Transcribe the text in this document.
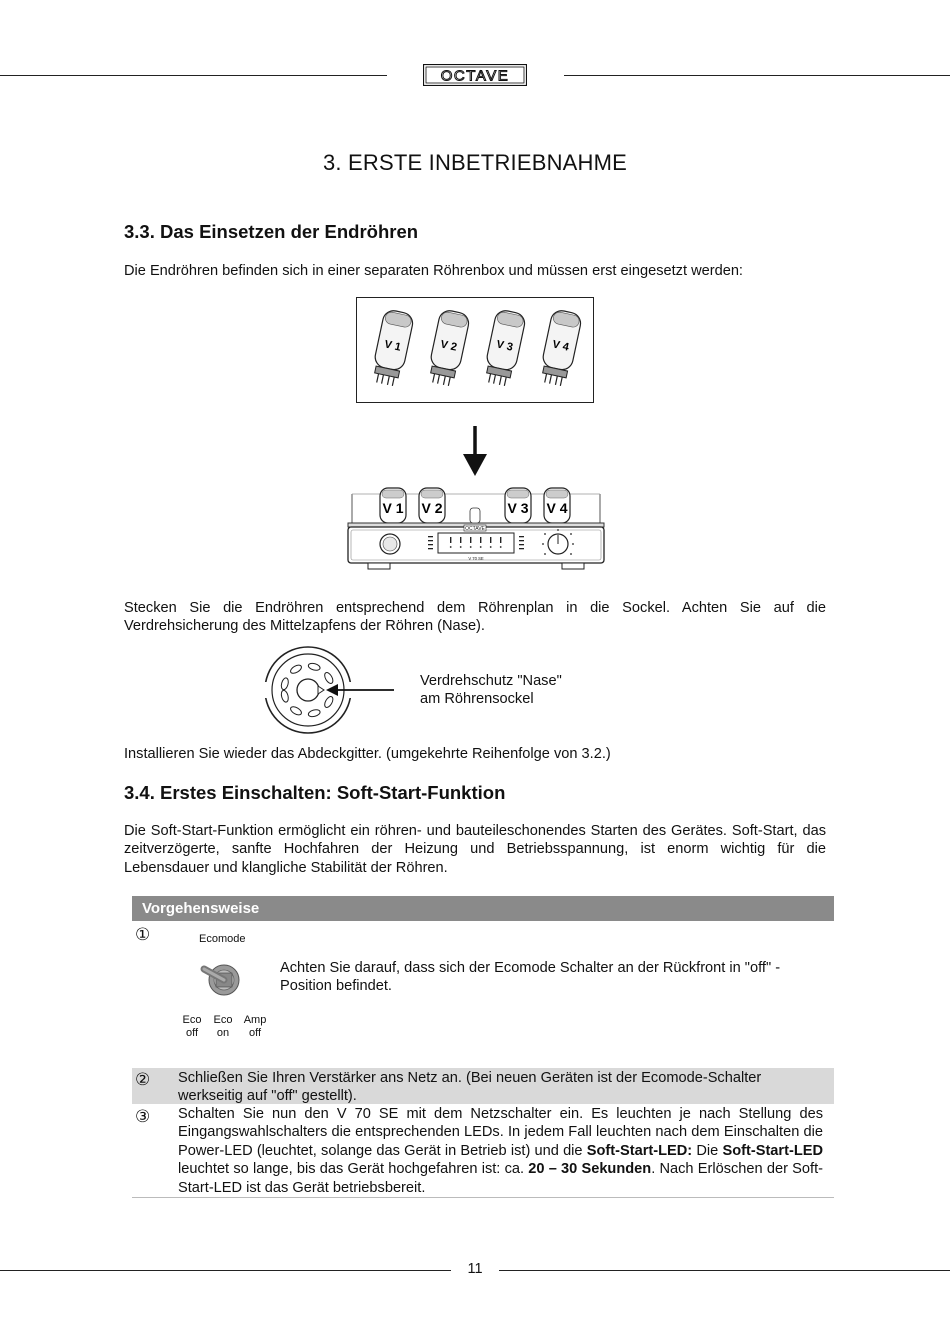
OCTAVE
3. ERSTE INBETRIEBNAHME
3.3. Das Einsetzen der Endröhren
Die Endröhren befinden sich in einer separaten Röhrenbox und müssen erst eingesetzt werden:
V 1	V 2	V 3	V 4
V 1 V 2	V 3 V 4
OCTAVE
V 70 SE
Stecken Sie die Endröhren entsprechend dem Röhrenplan in die Sockel. Achten Sie auf die Verdrehsicherung des Mittelzapfens der Röhren (Nase).
Verdrehschutz "Nase"
am Röhrensockel
Installieren Sie wieder das Abdeckgitter. (umgekehrte Reihenfolge von 3.2.)
3.4. Erstes Einschalten: Soft-Start-Funktion
Die Soft-Start-Funktion ermöglicht ein röhren- und bauteileschonendes Starten des Gerätes. Soft-Start, das zeitverzögerte, sanfte Hochfahren der Heizung und Betriebsspannung, ist enorm wichtig für die Lebensdauer und klangliche Stabilität der Röhren.
Vorgehensweise
①	Ecomode
Eco
off
Eco
on
Amp
off
Achten Sie darauf, dass sich der Ecomode Schalter an der Rückfront in "off" - Position befindet.
② Schließen Sie Ihren Verstärker ans Netz an. (Bei neuen Geräten ist der Ecomode-Schalter werkseitig auf "off" gestellt).
③ Schalten Sie nun den V 70 SE mit dem Netzschalter ein. Es leuchten je nach Stellung des Eingangswahlschalters die entsprechenden LEDs. In jedem Fall leuchten nach dem Einschalten die Power-LED (leuchtet, solange das Gerät in Betrieb ist) und die Soft-Start-LED: Die Soft-Start-LED leuchtet so lange, bis das Gerät hochgefahren ist: ca. 20 – 30 Sekunden. Nach Erlöschen der Soft-Start-LED ist das Gerät betriebsbereit.
11
